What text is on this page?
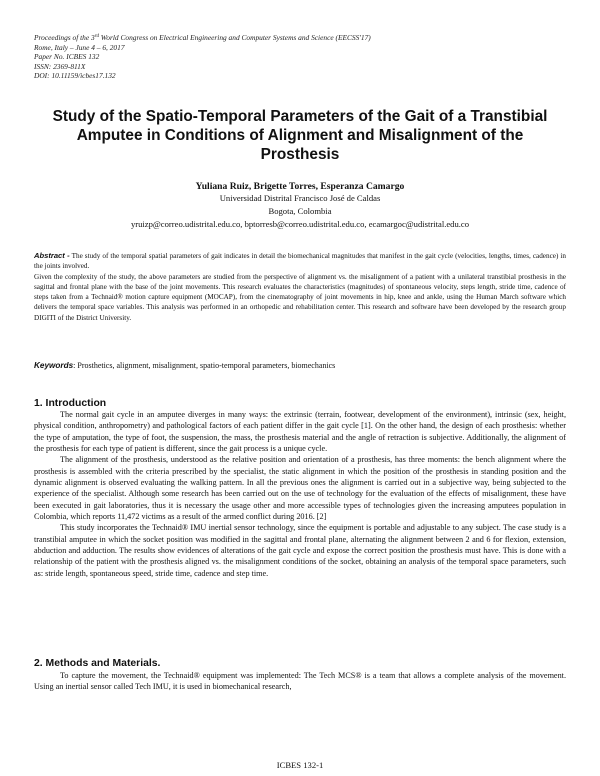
Proceedings of the 3rd World Congress on Electrical Engineering and Computer Systems and Science (EECSS'17)
Rome, Italy – June 4 – 6, 2017
Paper No. ICBES 132
ISSN: 2369-811X
DOI: 10.11159/icbes17.132
Study of the Spatio-Temporal Parameters of the Gait of a Transtibial Amputee in Conditions of Alignment and Misalignment of the Prosthesis
Yuliana Ruiz, Brigette Torres, Esperanza Camargo
Universidad Distrital Francisco José de Caldas
Bogota, Colombia
yruizp@correo.udistrital.edu.co, bptorresb@correo.udistrital.edu.co, ecamargoc@udistrital.edu.co

Abstract - The study of the temporal spatial parameters of gait indicates in detail the biomechanical magnitudes that manifest in the gait cycle (velocities, lengths, times, cadence) in the joints involved.

Given the complexity of the study, the above parameters are studied from the perspective of alignment vs. the misalignment of a patient with a unilateral transtibial prosthesis in the sagittal and frontal plane with the base of the joint movements. This research evaluates the characteristics (magnitudes) of spontaneous velocity, steps length, stride time, cadence of steps taken from a Technaid® motion capture equipment (MOCAP), from the cinematography of joint movements in hip, knee and ankle, using the Human March software which delivers the temporal space variables. This analysis was performed in an orthopedic and rehabilitation center. This research and software have been developed by the research group DIGITI of the District University.

Keywords: Prosthetics, alignment, misalignment, spatio-temporal parameters, biomechanics
1. Introduction

The normal gait cycle in an amputee diverges in many ways: the extrinsic (terrain, footwear, development of the environment), intrinsic (sex, height, physical condition, anthropometry) and pathological factors of each patient differ in the gait cycle [1]. On the other hand, the design of each prosthesis: whether the type of amputation, the type of foot, the suspension, the mass, the prosthesis material and the angle of retraction is subjective. Additionally, the alignment of the prosthesis for each type of patient is different, since the gait process is a unique cycle.

The alignment of the prosthesis, understood as the relative position and orientation of a prosthesis, has three moments: the bench alignment where the prosthesis is assembled with the criteria prescribed by the specialist, the static alignment in which the position of the prosthesis in standing position and the dynamic alignment is observed evaluating the walking pattern. In all the previous ones the alignment is carried out in a subjective way, being subjected to the experience of the specialist. Although some research has been carried out on the use of technology for the evaluation of the effects of misalignment, these have been executed in gait laboratories, thus it is necessary the usage other and more accessible types of technologies given the increasing amputees population in Colombia, which reports 11,472 victims as a result of the armed conflict during 2016. [2]

This study incorporates the Technaid® IMU inertial sensor technology, since the equipment is portable and adjustable to any subject. The case study is a transtibial amputee in which the socket position was modified in the sagittal and frontal plane, alternating the alignment between 2 and 6 for flexion, extension, abduction and adduction. The results show evidences of alterations of the gait cycle and expose the correct position the prosthesis must have. This is done with a relationship of the patient with the prosthesis aligned vs. the misalignment conditions of the socket, obtaining an analysis of the temporal space parameters, such as: stride length, spontaneous speed, stride time, cadence and step time.

2. Methods and Materials.

To capture the movement, the Technaid® equipment was implemented: The Tech MCS® is a team that allows a complete analysis of the movement. Using an inertial sensor called Tech IMU, it is used in biomechanical research,

ICBES 132-1
